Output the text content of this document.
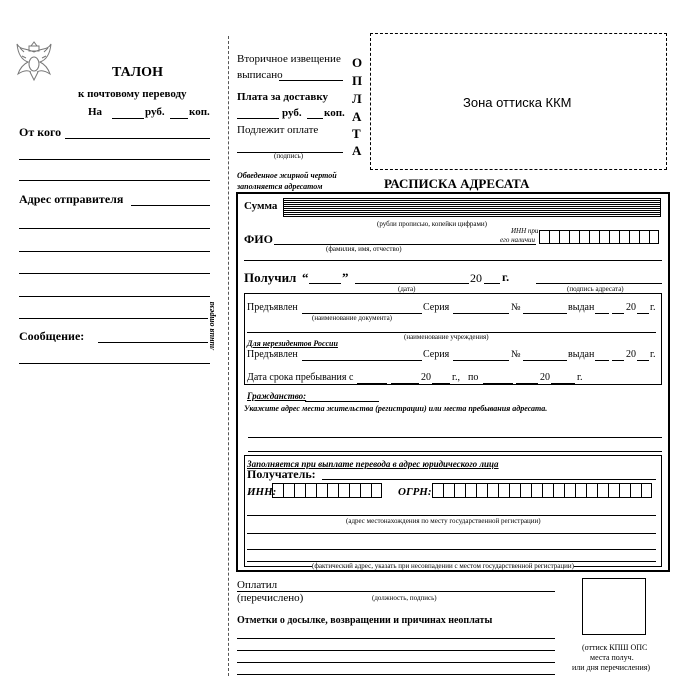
ТАЛОН
к почтовому переводу
На	руб. коп.
От кого
Адрес отправителя
Сообщение:	линия отреза
Вторичное извещение
выписано
Плата за доставку
руб. коп.
Подлежит оплате
(подпись)
О
П
Л
А
Т
А
Зона оттиска ККМ
Обведенное жирной чертой
заполняется адресатом	РАСПИСКА АДРЕСАТА
Сумма
(рубли прописью, копейки цифрами)
ФИО
(фамилия, имя, отчество)
ИНН при
его наличии
Получил “	”	20 г.
(дата)	(подпись адресата)
Предъявлен	Серия	№	выдан	20 г.
(наименование документа)
(наименование учреждения)
Для нерезидентов России
Предъявлен	Серия	№	выдан	20 г.
Дата срока пребывания с	20 г., по	20	г.
Гражданство:
Укажите адрес места жительства (регистрации) или места пребывания адресата.
Заполняется при выплате перевода в адрес юридического лица
Получатель:
ИНН:	ОГРН:
(адрес местонахождения по месту государственной регистрации)
(фактический адрес, указать при несовпадении с местом государственной регистрации)
Оплатил
(перечислено)	(должность, подпись)
Отметки о досылке, возвращении и причинах неоплаты
(оттиск КПШ ОПС
места получ.
или дня перечисления)
